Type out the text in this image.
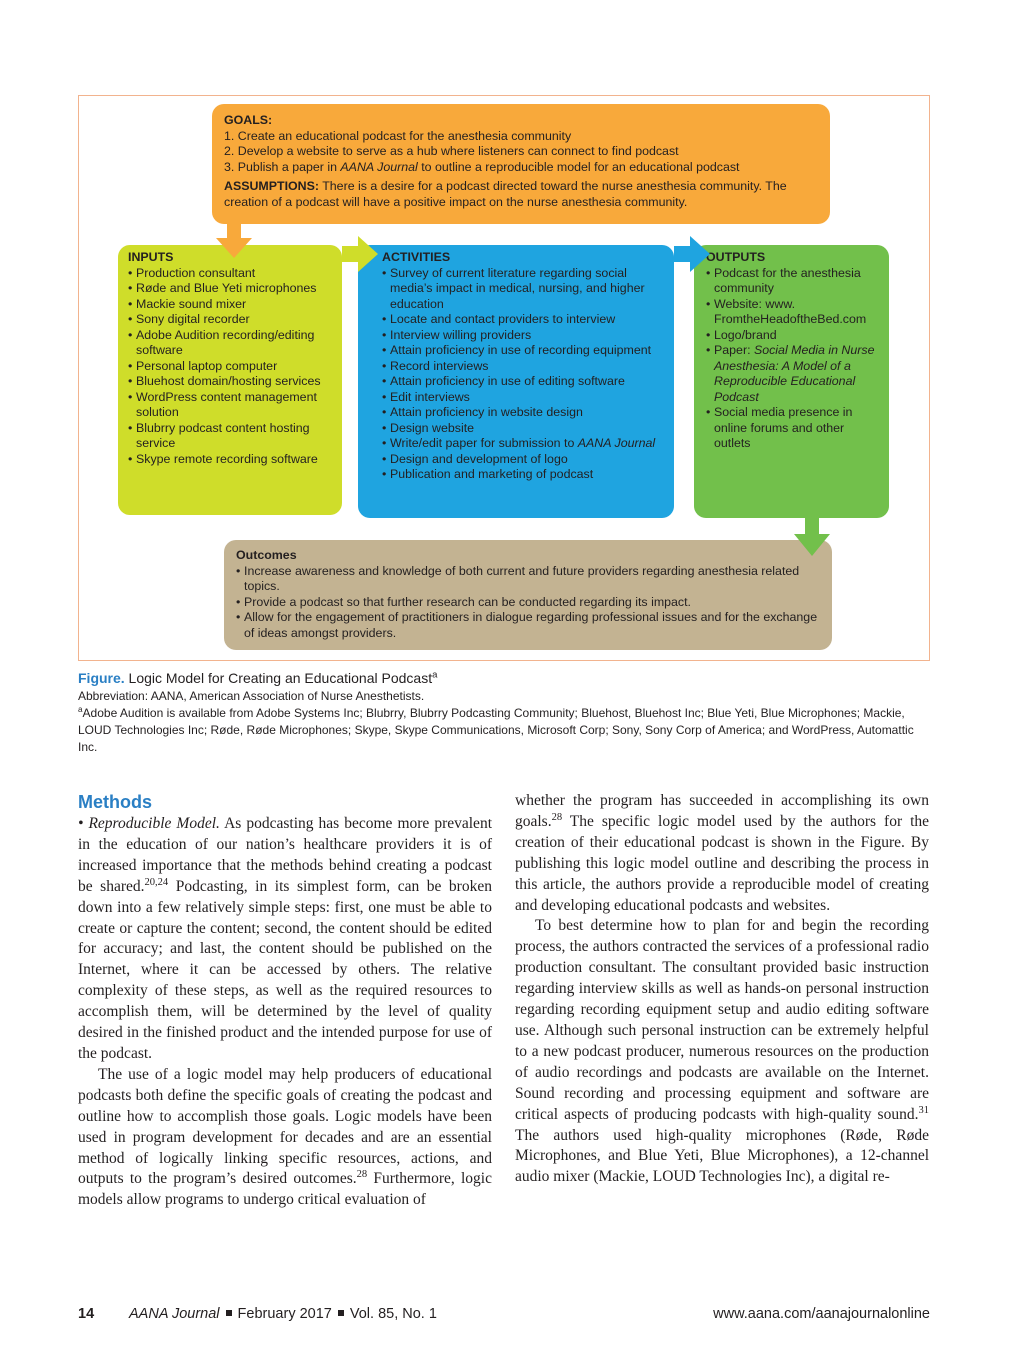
GOALS:

1. Create an educational podcast for the anesthesia community

2. Develop a website to serve as a hub where listeners can connect to find podcast

3. Publish a paper in AANA Journal to outline a reproducible model for an educational podcast

ASSUMPTIONS: There is a desire for a podcast directed toward the nurse anesthesia community. The creation of a podcast will have a positive impact on the nurse anesthesia community.

INPUTS
• Production consultant
• Røde and Blue Yeti microphones
• Mackie sound mixer
• Sony digital recorder
• Adobe Audition recording/editing software
• Personal laptop computer
• Bluehost domain/hosting services
• WordPress content management solution
• Blubrry podcast content hosting service
• Skype remote recording software
ACTIVITIES
• Survey of current literature regarding social media’s impact in medical, nursing, and higher education
• Locate and contact providers to interview
• Interview willing providers
• Attain proficiency in use of recording equipment
• Record interviews
• Attain proficiency in use of editing software
• Edit interviews
• Attain proficiency in website design
• Design website
• Write/edit paper for submission to AANA Journal
• Design and development of logo
• Publication and marketing of podcast
OUTPUTS
• Podcast for the anesthesia community
• Website: www. FromtheHeadoftheBed.com
• Logo/brand
• Paper: Social Media in Nurse Anesthesia: A Model of a Reproducible Educational Podcast
• Social media presence in online forums and other outlets
Outcomes
• Increase awareness and knowledge of both current and future providers regarding anesthesia related topics.
• Provide a podcast so that further research can be conducted regarding its impact.
• Allow for the engagement of practitioners in dialogue regarding professional issues and for the exchange of ideas amongst providers.

Figure. Logic Model for Creating an Educational Podcast$^a$

Abbreviation: AANA, American Association of Nurse Anesthetists.

$^a$Adobe Audition is available from Adobe Systems Inc; Blubrry, Blubrry Podcasting Community; Bluehost, Bluehost Inc; Blue Yeti, Blue Microphones; Mackie, LOUD Technologies Inc; Røde, Røde Microphones; Skype, Skype Communications, Microsoft Corp; Sony, Sony Corp of America; and WordPress, Automattic Inc.

Methods

• Reproducible Model. As podcasting has become more prevalent in the education of our nation’s healthcare providers it is of increased importance that the methods behind creating a podcast be shared.$^{20,24}$ Podcasting, in its simplest form, can be broken down into a few relatively simple steps: first, one must be able to create or capture the content; second, the content should be edited for accuracy; and last, the content should be published on the Internet, where it can be accessed by others. The relative complexity of these steps, as well as the required resources to accomplish them, will be determined by the level of quality desired in the finished product and the intended purpose for use of the podcast.

The use of a logic model may help producers of educational podcasts both define the specific goals of creating the podcast and outline how to accomplish those goals. Logic models have been used in program development for decades and are an essential method of logically linking specific resources, actions, and outputs to the program’s desired outcomes.$^{28}$ Furthermore, logic models allow programs to undergo critical evaluation of

whether the program has succeeded in accomplishing its own goals.$^{28}$ The specific logic model used by the authors for the creation of their educational podcast is shown in the Figure. By publishing this logic model outline and describing the process in this article, the authors provide a reproducible model of creating and developing educational podcasts and websites.

To best determine how to plan for and begin the recording process, the authors contracted the services of a professional radio production consultant. The consultant provided basic instruction regarding interview skills as well as hands-on personal instruction regarding recording equipment setup and audio editing software use. Although such personal instruction can be extremely helpful to a new podcast producer, numerous resources on the production of audio recordings and podcasts are available on the Internet. Sound recording and processing equipment and software are critical aspects of producing podcasts with high-quality sound.$^{31}$ The authors used high-quality microphones (Røde, Røde Microphones, and Blue Yeti, Blue Microphones), a 12-channel audio mixer (Mackie, LOUD Technologies Inc), a digital re-

14 AANA Journal February 2017 Vol. 85, No. 1	www.aana.com/aanajournalonline
